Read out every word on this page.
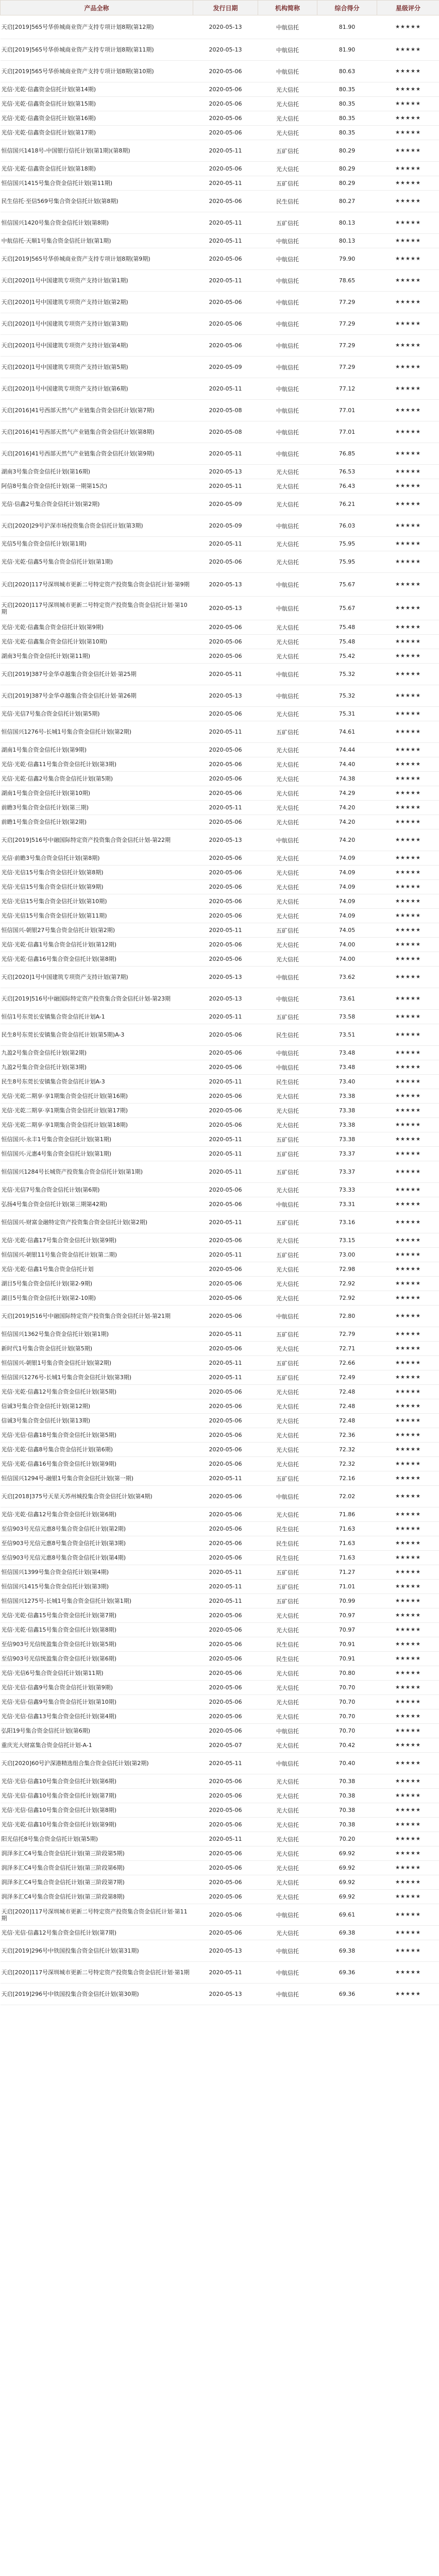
产品全称	发行日期	机构简称	综合得分	星级评分
天启[2019]565号华侨城商业资产支持专项计划8期(第12期)	2020-05-13	中航信托	81.90	★★★★★
天启[2019]565号华侨城商业资产支持专项计划8期(第11期)	2020-05-13	中航信托	81.90	★★★★★
天启[2019]565号华侨城商业资产支持专项计划8期(第10期)	2020-05-06	中航信托	80.63	★★★★★
光信·光乾·信鑫资金信托计划(第14期)	2020-05-06	光大信托	80.35	★★★★★
光信·光乾·信鑫资金信托计划(第15期)	2020-05-06	光大信托	80.35	★★★★★
光信·光乾·信鑫资金信托计划(第16期)	2020-05-06	光大信托	80.35	★★★★★
光信·光乾·信鑫资金信托计划(第17期)	2020-05-06	光大信托	80.35	★★★★★
恒信国兴1418号-中国银行信托计划(第1期)(第8期)	2020-05-11	五矿信托	80.29	★★★★★
光信·光乾·信鑫资金信托计划(第18期)	2020-05-06	光大信托	80.29	★★★★★
恒信国兴1415号集合资金信托计划(第11期)	2020-05-11	五矿信托	80.29	★★★★★
民生信托·至信569号集合资金信托计划(第8期)	2020-05-06	民生信托	80.27	★★★★★
恒信国兴1420号集合资金信托计划(第8期)	2020-05-11	五矿信托	80.13	★★★★★
中航信托·天顺1号集合资金信托计划(第1期)	2020-05-11	中航信托	80.13	★★★★★
天启[2019]565号华侨城商业资产支持专项计划8期(第9期)	2020-05-06	中航信托	79.90	★★★★★
天启[2020]1号中国建筑专项资产支持计划(第1期)	2020-05-11	中航信托	78.65	★★★★★
天启[2020]1号中国建筑专项资产支持计划(第2期)	2020-05-06	中航信托	77.29	★★★★★
天启[2020]1号中国建筑专项资产支持计划(第3期)	2020-05-06	中航信托	77.29	★★★★★
天启[2020]1号中国建筑专项资产支持计划(第4期)	2020-05-06	中航信托	77.29	★★★★★
天启[2020]1号中国建筑专项资产支持计划(第5期)	2020-05-09	中航信托	77.29	★★★★★
天启[2020]1号中国建筑专项资产支持计划(第6期)	2020-05-11	中航信托	77.12	★★★★★
天启[2016]41号西部天然气产业链集合资金信托计划(第7期)	2020-05-08	中航信托	77.01	★★★★★
天启[2016]41号西部天然气产业链集合资金信托计划(第8期)	2020-05-08	中航信托	77.01	★★★★★
天启[2016]41号西部天然气产业链集合资金信托计划(第9期)	2020-05-11	中航信托	76.85	★★★★★
湖南3号集合资金信托计划(第16期)	2020-05-13	光大信托	76.53	★★★★★
阿信8号集合资金信托计划(第一期第15次)	2020-05-11	光大信托	76.43	★★★★★
光信·信鑫2号集合资金信托计划(第2期)	2020-05-09	光大信托	76.21	★★★★★
天启[2020]29号沪深市场投资集合资金信托计划(第3期)	2020-05-09	中航信托	76.03	★★★★★
光信5号集合资金信托计划(第1期)	2020-05-11	光大信托	75.95	★★★★★
光信·光乾·信鑫5号集合资金信托计划(第1期)	2020-05-06	光大信托	75.95	★★★★★
天启[2020]117号深圳城市更新二号特定资产投资集合资金信托计划·第9期	2020-05-13	中航信托	75.67	★★★★★
天启[2020]117号深圳城市更新二号特定资产投资集合资金信托计划·第10期	2020-05-13	中航信托	75.67	★★★★★
光信·光乾·信鑫集合资金信托计划(第9期)	2020-05-06	光大信托	75.48	★★★★★
光信·光乾·信鑫集合资金信托计划(第10期)	2020-05-06	光大信托	75.48	★★★★★
湖南3号集合资金信托计划(第11期)	2020-05-06	光大信托	75.42	★★★★★
天启[2019]387号金华卓越集合资金信托计划·第25期	2020-05-11	中航信托	75.32	★★★★★
天启[2019]387号金华卓越集合资金信托计划·第26期	2020-05-13	中航信托	75.32	★★★★★
光信·光信7号集合资金信托计划(第5期)	2020-05-06	光大信托	75.31	★★★★★
恒信国兴1276号-长城1号集合资金信托计划(第2期)	2020-05-11	五矿信托	74.61	★★★★★
湖南1号集合资金信托计划(第9期)	2020-05-06	光大信托	74.44	★★★★★
光信·光乾·信鑫11号集合资金信托计划(第3期)	2020-05-06	光大信托	74.40	★★★★★
光信·光乾·信鑫2号集合资金信托计划(第5期)	2020-05-06	光大信托	74.38	★★★★★
湖南1号集合资金信托计划(第10期)	2020-05-06	光大信托	74.29	★★★★★
前瞻3号集合资金信托计划(第三期)	2020-05-11	光大信托	74.20	★★★★★
前瞻1号集合资金信托计划(第2期)	2020-05-06	光大信托	74.20	★★★★★
天启[2019]516号中融国际特定资产投资集合资金信托计划-第22期	2020-05-13	中航信托	74.20	★★★★★
光信·前瞻3号集合资金信托计划(第8期)	2020-05-06	光大信托	74.09	★★★★★
光信·光信15号集合资金信托计划(第8期)	2020-05-06	光大信托	74.09	★★★★★
光信·光信15号集合资金信托计划(第9期)	2020-05-06	光大信托	74.09	★★★★★
光信·光信15号集合资金信托计划(第10期)	2020-05-06	光大信托	74.09	★★★★★
光信·光信15号集合资金信托计划(第11期)	2020-05-06	光大信托	74.09	★★★★★
恒信国兴-朝银27号集合资金信托计划(第2期)	2020-05-11	五矿信托	74.05	★★★★★
光信·光乾·信鑫1号集合资金信托计划(第12期)	2020-05-06	光大信托	74.00	★★★★★
光信·光乾·信鑫16号集合资金信托计划(第8期)	2020-05-06	光大信托	74.00	★★★★★
天启[2020]1号中国建筑专项资产支持计划(第7期)	2020-05-13	中航信托	73.62	★★★★★
天启[2019]516号中融国际特定资产投资集合资金信托计划-第23期	2020-05-13	中航信托	73.61	★★★★★
恒信1号东莞长安镇集合资金信托计划A-1	2020-05-11	五矿信托	73.58	★★★★★
民生8号东莞长安镇集合资金信托计划(第5期)A-3	2020-05-06	民生信托	73.51	★★★★★
九盈2号集合资金信托计划(第2期)	2020-05-06	中航信托	73.48	★★★★★
九盈2号集合资金信托计划(第3期)	2020-05-06	中航信托	73.48	★★★★★
民生8号东莞长安镇集合资金信托计划A-3	2020-05-11	民生信托	73.40	★★★★★
光信·光乾二期享·享1期集合资金信托计划(第16期)	2020-05-06	光大信托	73.38	★★★★★
光信·光乾二期享·享1期集合资金信托计划(第17期)	2020-05-06	光大信托	73.38	★★★★★
光信·光乾二期享·享1期集合资金信托计划(第18期)	2020-05-06	光大信托	73.38	★★★★★
恒信国兴-永丰1号集合资金信托计划(第1期)	2020-05-11	五矿信托	73.38	★★★★★
恒信国兴-元惠4号集合资金信托计划(第1期)	2020-05-11	五矿信托	73.37	★★★★★
恒信国兴1284号长城资产投资集合资金信托计划(第1期)	2020-05-11	五矿信托	73.37	★★★★★
光信·光信7号集合资金信托计划(第6期)	2020-05-06	光大信托	73.33	★★★★★
弘扬4号集合资金信托计划(第三期第42期)	2020-05-06	中航信托	73.31	★★★★★
恒信国兴-财富金融特定资产投资集合资金信托计划(第2期)	2020-05-11	五矿信托	73.16	★★★★★
光信·光乾·信鑫17号集合资金信托计划(第9期)	2020-05-06	光大信托	73.15	★★★★★
恒信国兴-朝银11号集合资金信托计划(第二期)	2020-05-11	五矿信托	73.00	★★★★★
光信·光乾·信鑫1号集合资金信托计划	2020-05-06	光大信托	72.98	★★★★★
湖目5号集合资金信托计划(第2-9期)	2020-05-06	光大信托	72.92	★★★★★
湖目5号集合资金信托计划(第2-10期)	2020-05-06	光大信托	72.92	★★★★★
天启[2019]516号中融国际特定资产投资集合资金信托计划-第21期	2020-05-06	中航信托	72.80	★★★★★
恒信国兴1362号集合资金信托计划(第1期)	2020-05-11	五矿信托	72.79	★★★★★
新时代1号集合资金信托计划(第5期)	2020-05-06	光大信托	72.71	★★★★★
恒信国兴-朝银1号集合资金信托计划(第2期)	2020-05-11	五矿信托	72.66	★★★★★
恒信国兴1276号-长城1号集合资金信托计划(第3期)	2020-05-11	五矿信托	72.49	★★★★★
光信·光乾·信鑫12号集合资金信托计划(第5期)	2020-05-06	光大信托	72.48	★★★★★
信诚3号集合资金信托计划(第12期)	2020-05-06	光大信托	72.48	★★★★★
信诚3号集合资金信托计划(第13期)	2020-05-06	光大信托	72.48	★★★★★
光信·光信·信鑫18号集合资金信托计划(第5期)	2020-05-06	光大信托	72.36	★★★★★
光信·光乾·信鑫8号集合资金信托计划(第6期)	2020-05-06	光大信托	72.32	★★★★★
光信·光乾·信鑫16号集合资金信托计划(第9期)	2020-05-06	光大信托	72.32	★★★★★
恒信国兴1294号-融银1号集合资金信托计划(第一期)	2020-05-11	五矿信托	72.16	★★★★★
天启[2018]375号天星天苏州城投集合资金信托计划(第4期)	2020-05-06	中航信托	72.02	★★★★★
光信·光乾·信鑫12号集合资金信托计划(第6期)	2020-05-06	光大信托	71.86	★★★★★
至信903号光信元惠8号集合资金信托计划(第2期)	2020-05-06	民生信托	71.63	★★★★★
至信903号光信元惠8号集合资金信托计划(第3期)	2020-05-06	民生信托	71.63	★★★★★
至信903号光信元惠8号集合资金信托计划(第4期)	2020-05-06	民生信托	71.63	★★★★★
恒信国兴1399号集合资金信托计划(第4期)	2020-05-11	五矿信托	71.27	★★★★★
恒信国兴1415号集合资金信托计划(第3期)	2020-05-11	五矿信托	71.01	★★★★★
恒信国兴1275号-长城1号集合资金信托计划(第1期)	2020-05-11	五矿信托	70.99	★★★★★
光信·光乾·信鑫15号集合资金信托计划(第7期)	2020-05-06	光大信托	70.97	★★★★★
光信·光乾·信鑫15号集合资金信托计划(第8期)	2020-05-06	光大信托	70.97	★★★★★
至信903号光信统盈集合资金信托计划(第5期)	2020-05-06	民生信托	70.91	★★★★★
至信903号光信统盈集合资金信托计划(第6期)	2020-05-06	民生信托	70.91	★★★★★
光信·光信6号集合资金信托计划(第11期)	2020-05-06	光大信托	70.80	★★★★★
光信·光信·信鑫9号集合资金信托计划(第9期)	2020-05-06	光大信托	70.70	★★★★★
光信·光信·信鑫9号集合资金信托计划(第10期)	2020-05-06	光大信托	70.70	★★★★★
光信·光信·信鑫13号集合资金信托计划(第4期)	2020-05-06	光大信托	70.70	★★★★★
弘阳19号集合资金信托计划(第6期)	2020-05-06	中航信托	70.70	★★★★★
重庆光大财富集合资金信托计划-A-1	2020-05-07	光大信托	70.42	★★★★★
天启[2020]60号沪深港精选组合集合资金信托计划(第2期)	2020-05-11	中航信托	70.40	★★★★★
光信·光信·信鑫10号集合资金信托计划(第6期)	2020-05-06	光大信托	70.38	★★★★★
光信·光信·信鑫10号集合资金信托计划(第7期)	2020-05-06	光大信托	70.38	★★★★★
光信·光信·信鑫10号集合资金信托计划(第8期)	2020-05-06	光大信托	70.38	★★★★★
光信·光乾·信鑫10号集合资金信托计划(第9期)	2020-05-06	光大信托	70.38	★★★★★
阳光信托8号集合资金信托计划(第5期)	2020-05-11	光大信托	70.20	★★★★★
润泽多汇C4号集合资金信托计划(第三阶段第5期)	2020-05-06	光大信托	69.92	★★★★★
润泽多汇C4号集合资金信托计划(第三阶段第6期)	2020-05-06	光大信托	69.92	★★★★★
润泽多汇C4号集合资金信托计划(第三阶段第7期)	2020-05-06	光大信托	69.92	★★★★★
润泽多汇C4号集合资金信托计划(第三阶段第8期)	2020-05-06	光大信托	69.92	★★★★★
天启[2020]117号深圳城市更新二号特定资产投资集合资金信托计划·第11期	2020-05-06	中航信托	69.61	★★★★★
光信·光信·信鑫12号集合资金信托计划(第7期)	2020-05-06	光大信托	69.38	★★★★★
天启[2019]296号中铁国投集合资金信托计划(第31期)	2020-05-13	中航信托	69.38	★★★★★
天启[2020]117号深圳城市更新二号特定资产投资集合资金信托计划·第1期	2020-05-11	中航信托	69.36	★★★★★
天启[2019]296号中铁国投集合资金信托计划(第30期)	2020-05-13	中航信托	69.36	★★★★★
